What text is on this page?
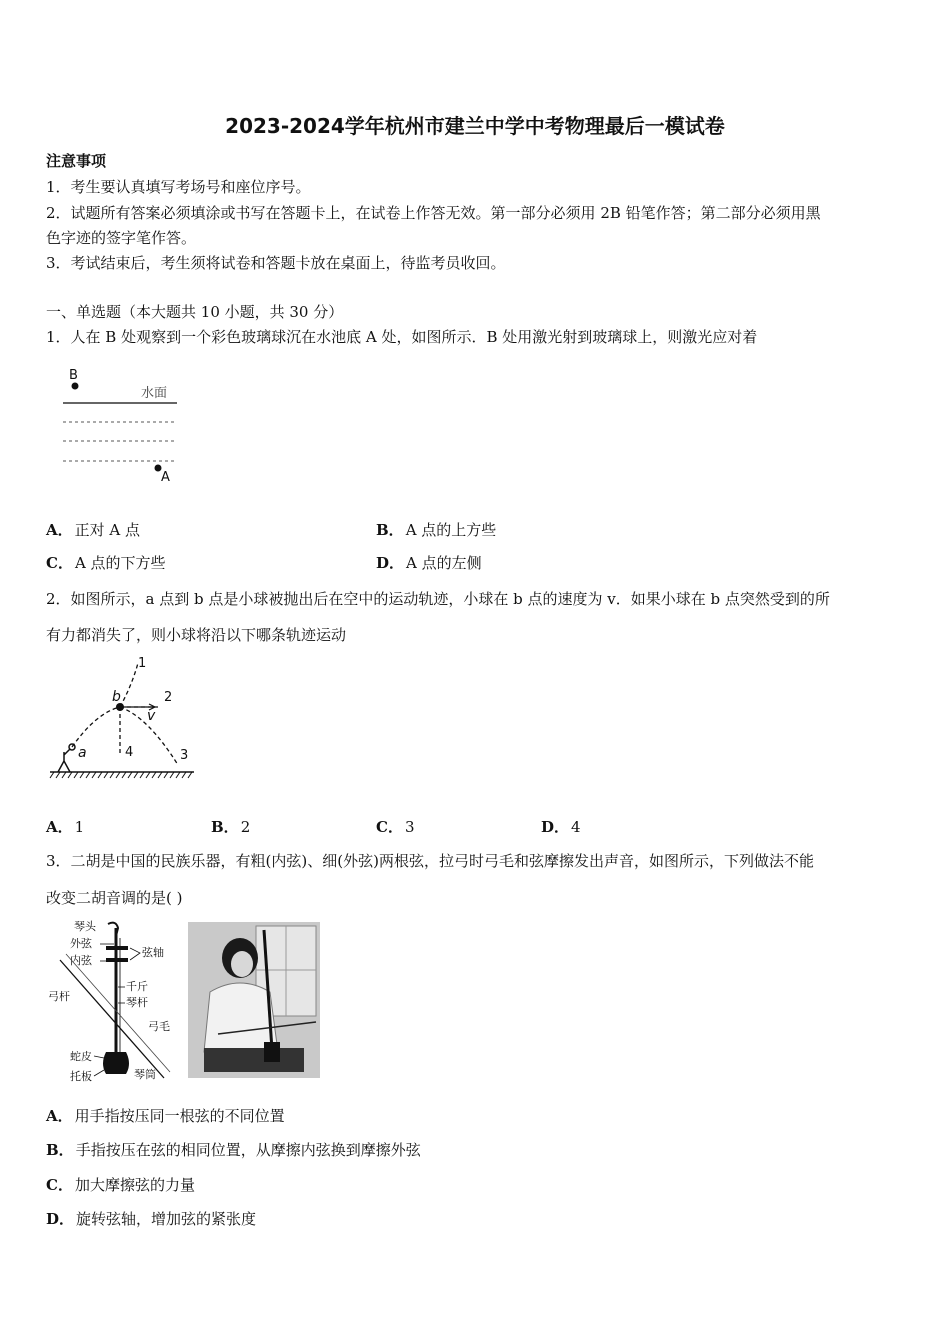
2023-2024学年杭州市建兰中学中考物理最后一模试卷
注意事项
1．考生要认真填写考场号和座位序号。
2．试题所有答案必须填涂或书写在答题卡上，在试卷上作答无效。第一部分必须用 2B 铅笔作答；第二部分必须用黑
色字迹的签字笔作答。
3．考试结束后，考生须将试卷和答题卡放在桌面上，待监考员收回。
一、单选题（本大题共 10 小题，共 30 分）
1．人在 B 处观察到一个彩色玻璃球沉在水池底 A 处，如图所示．B 处用激光射到玻璃球上，则激光应对着
B
水面
A
A． 正对 A 点	B． A 点的上方些
C． A 点的下方些	D． A 点的左侧
2．如图所示，a 点到 b 点是小球被抛出后在空中的运动轨迹，小球在 b 点的速度为 v．如果小球在 b 点突然受到的所
有力都消失了，则小球将沿以下哪条轨迹运动
a
b
1
v
2
3
4
A． 1	B． 2	C． 3	D． 4
3．二胡是中国的民族乐器，有粗(内弦)、细(外弦)两根弦，拉弓时弓毛和弦摩擦发出声音，如图所示，下列做法不能
改变二胡音调的是( )
琴头
外弦
内弦
弦轴
弓杆
千斤
琴杆
弓毛
蛇皮
托板	琴筒
A． 用手指按压同一根弦的不同位置
B． 手指按压在弦的相同位置，从摩擦内弦换到摩擦外弦
C． 加大摩擦弦的力量
D． 旋转弦轴，增加弦的紧张度
